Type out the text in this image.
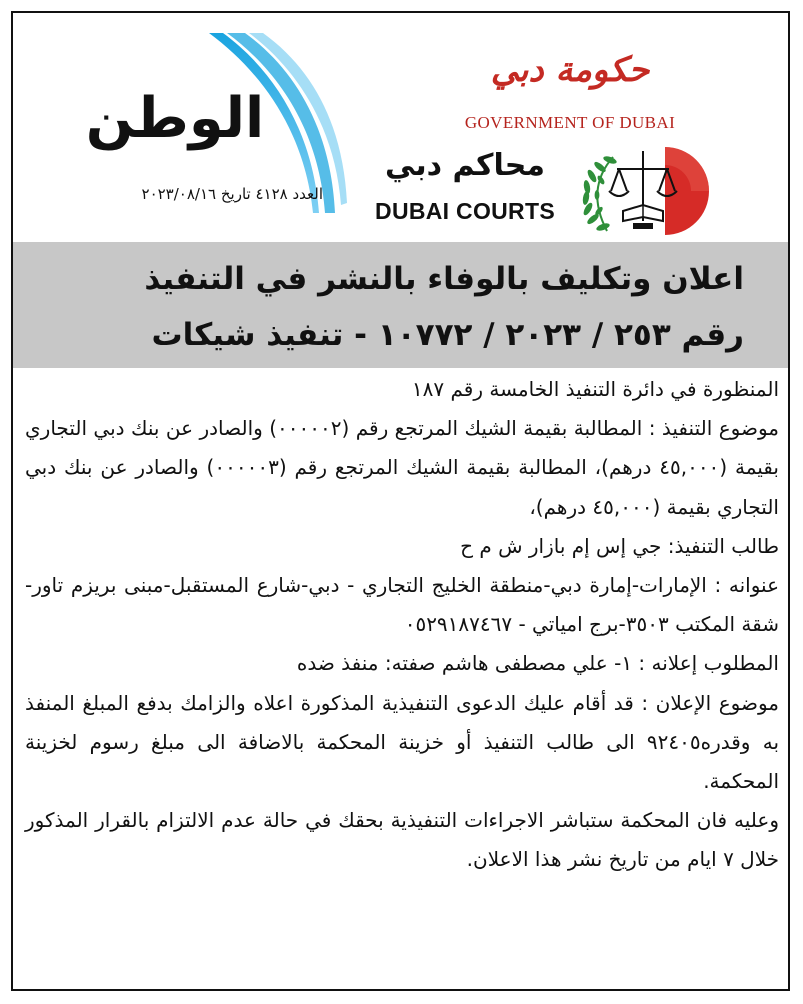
الوطن
العدد ٤١٢٨ تاريخ ٢٠٢٣/٠٨/١٦
حكومة دبي
GOVERNMENT OF DUBAI
محاكم دبي
DUBAI COURTS
اعلان وتكليف بالوفاء بالنشر في التنفيذ
رقم ٢٥٣ / ٢٠٢٣ / ١٠٧٧٢ - تنفيذ شيكات

المنظورة في دائرة التنفيذ الخامسة رقم ١٨٧

موضوع التنفيذ : المطالبة بقيمة الشيك المرتجع رقم (٠٠٠٠٠٢) والصادر عن بنك دبي التجاري بقيمة (٤٥,٠٠٠ درهم)، المطالبة بقيمة الشيك المرتجع رقم (٠٠٠٠٠٣) والصادر عن بنك دبي التجاري بقيمة (٤٥,٠٠٠ درهم)،

طالب التنفيذ: جي إس إم بازار ش م ح

عنوانه : الإمارات-إمارة دبي-منطقة الخليج التجاري - دبي-شارع المستقبل-مبنى بريزم تاور-شقة المكتب ٣٥٠٣-برج امياتي - ٠٥٢٩١٨٧٤٦٧

المطلوب إعلانه : ١- علي مصطفى هاشم صفته: منفذ ضده

موضوع الإعلان : قد أقام عليك الدعوى التنفيذية المذكورة اعلاه والزامك بدفع المبلغ المنفذ به وقدره٩٢٤٠٥ الى طالب التنفيذ أو خزينة المحكمة بالاضافة الى مبلغ رسوم لخزينة المحكمة.

وعليه فان المحكمة ستباشر الاجراءات التنفيذية بحقك في حالة عدم الالتزام بالقرار المذكور خلال ٧ ايام من تاريخ نشر هذا الاعلان.
